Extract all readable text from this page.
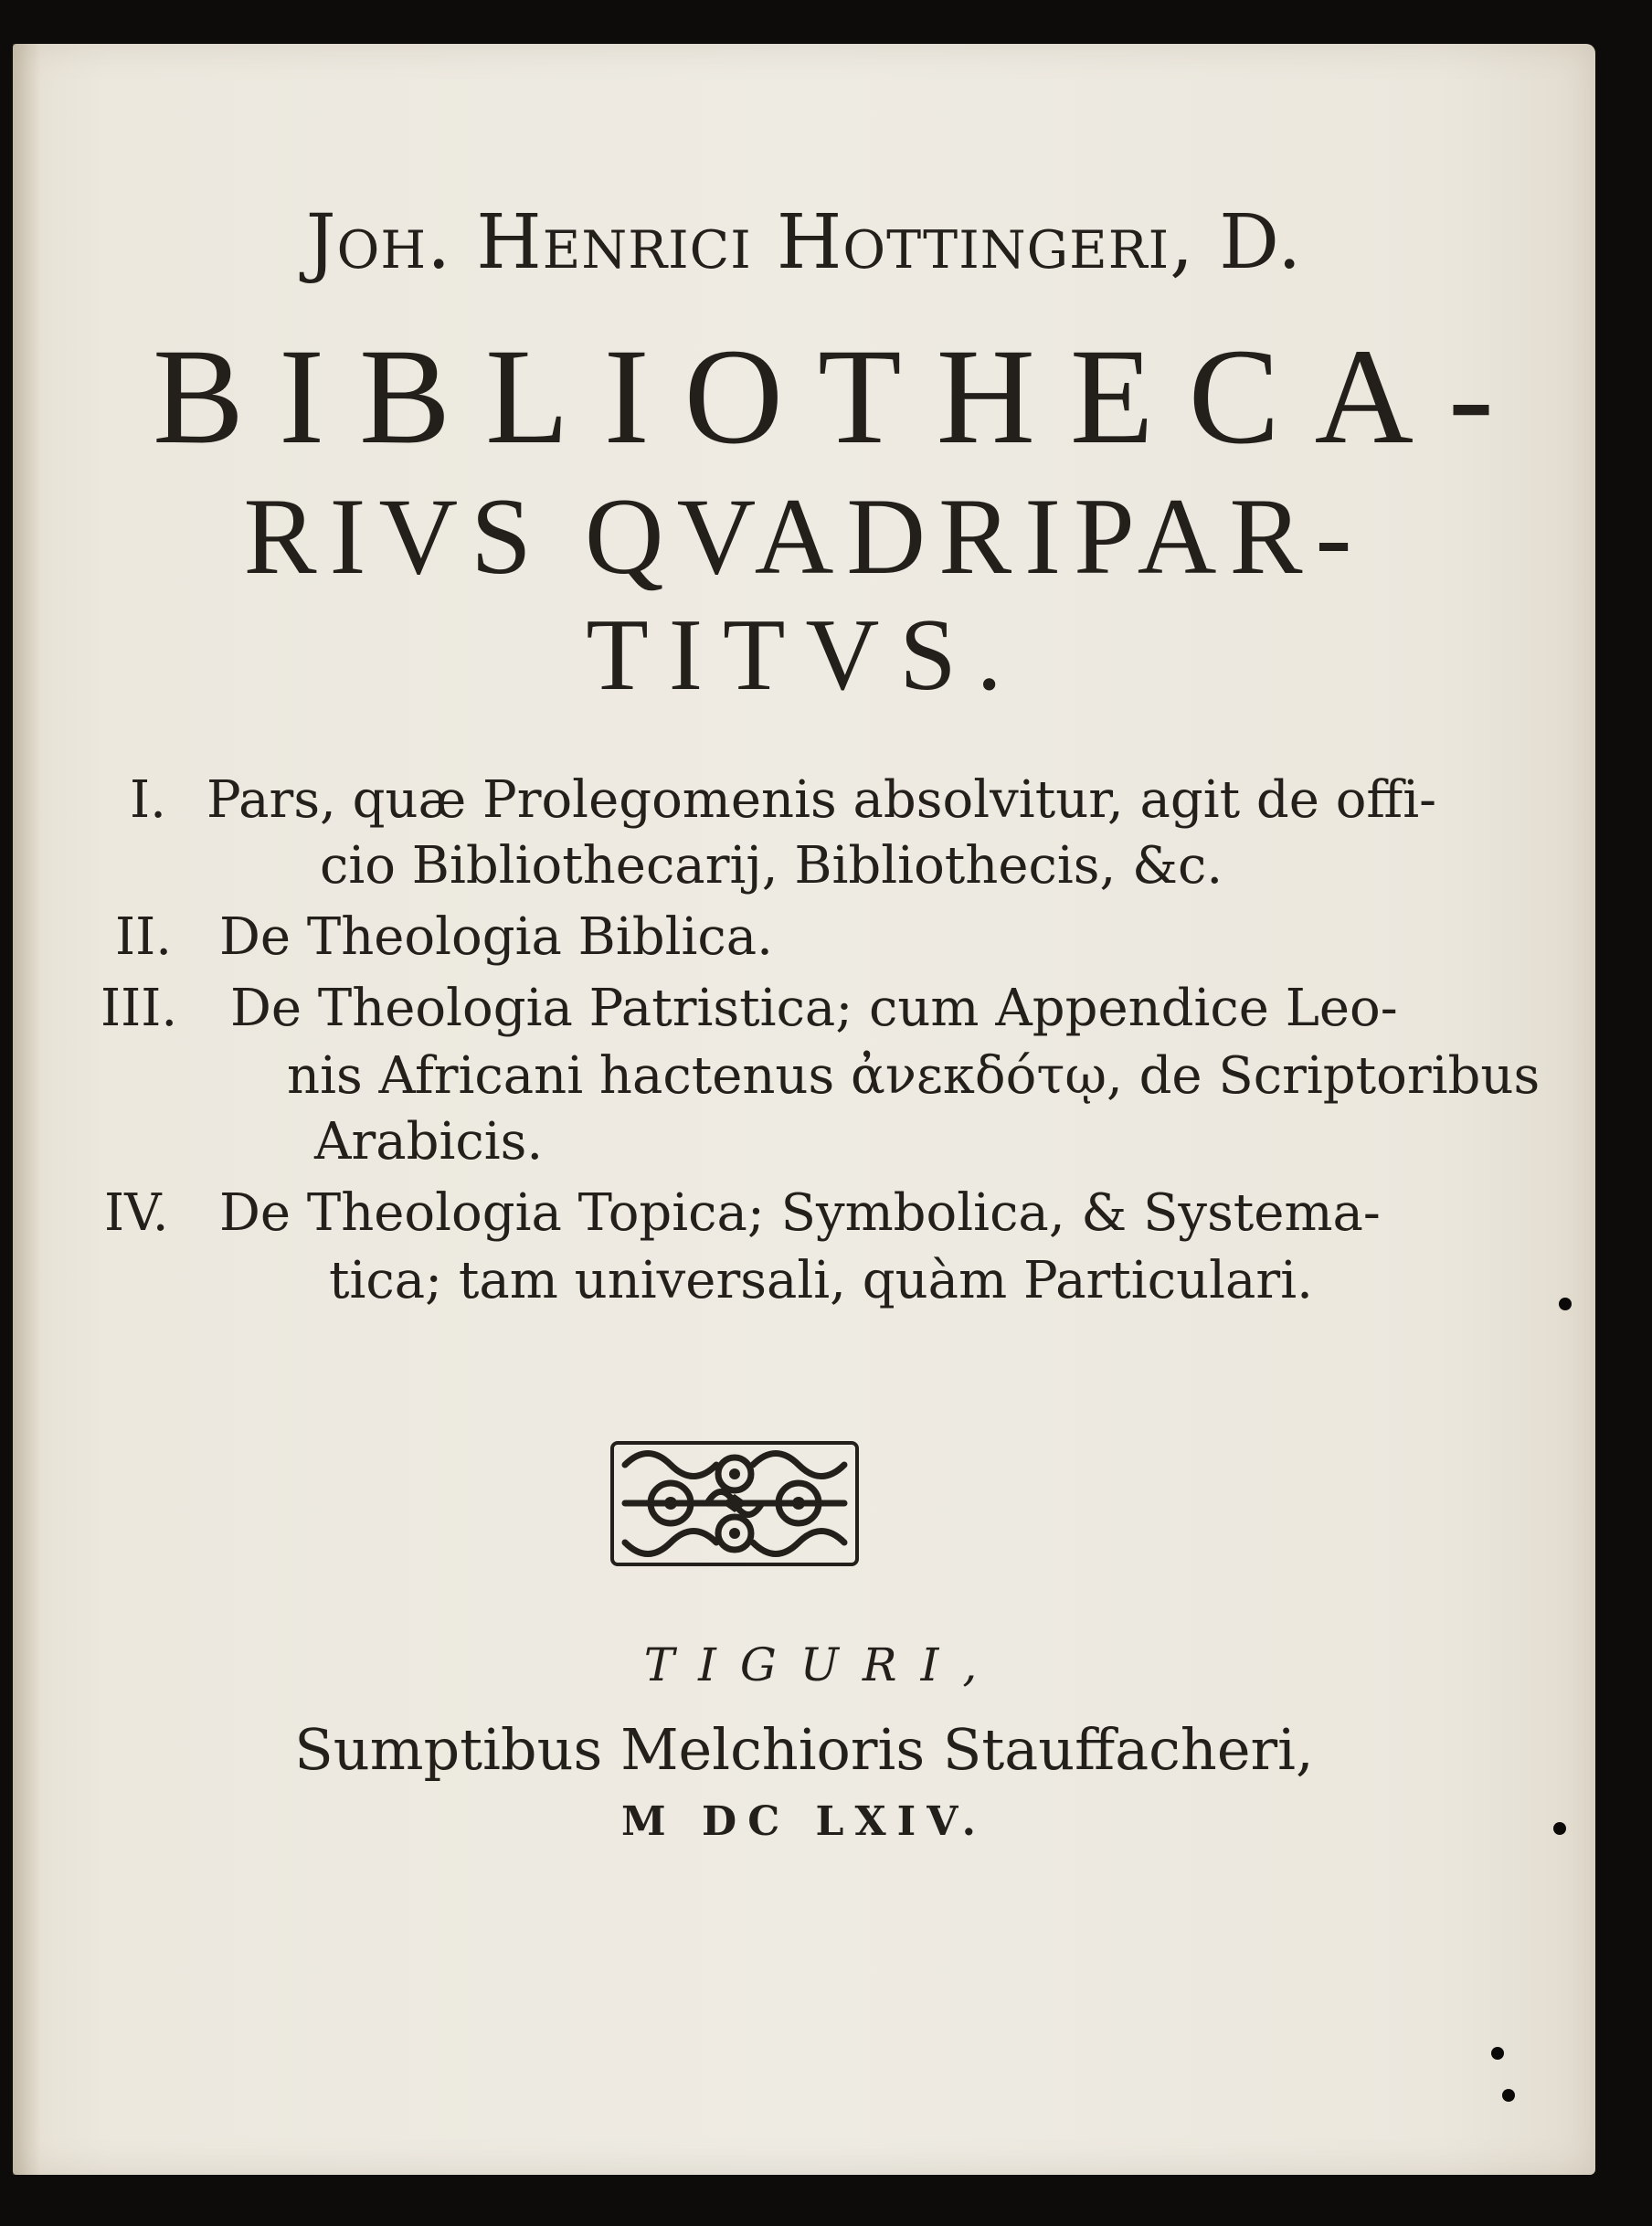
Joh. Henrici Hottingeri, D.
BIBLIOTHECA-
RIVS QVADRIPAR-
TITVS.
I. Pars, quæ Prolegomenis absolvitur, agit de offi-
cio Bibliothecarij, Bibliothecis, &c.
II. De Theologia Biblica.
III. De Theologia Patristica; cum Appendice Leo-
nis Africani hactenus ἀνεκδότῳ, de Scriptoribus
Arabicis.
IV. De Theologia Topica; Symbolica, & Systema-
tica; tam universali, quàm Particulari.
TIGURI,
Sumptibus Melchioris Stauffacheri,
M DC LXIV.
